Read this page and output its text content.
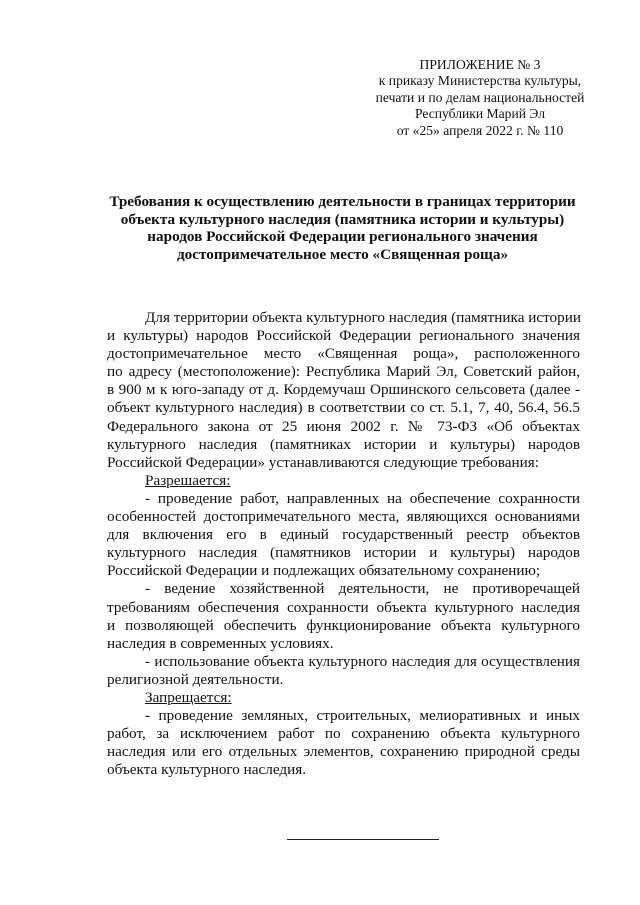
ПРИЛОЖЕНИЕ № 3
к приказу Министерства культуры,
печати и по делам национальностей
Республики Марий Эл
от «25» апреля 2022 г. № 110
Требования к осуществлению деятельности в границах территории
объекта культурного наследия (памятника истории и культуры)
народов Российской Федерации регионального значения
достопримечательное место «Священная роща»
Для территории объекта культурного наследия (памятника истории
и культуры) народов Российской Федерации регионального значения
достопримечательное место «Священная роща», расположенного
по адресу (местоположение): Республика Марий Эл, Советский район,
в 900 м к юго-западу от д. Кордемучаш Оршинского сельсовета (далее -
объект культурного наследия) в соответствии со ст. 5.1, 7, 40, 56.4, 56.5
Федерального закона от 25 июня 2002 г. № 73-ФЗ «Об объектах
культурного наследия (памятниках истории и культуры) народов
Российской Федерации» устанавливаются следующие требования:
Разрешается:
- проведение работ, направленных на обеспечение сохранности
особенностей достопримечательного места, являющихся основаниями
для включения его в единый государственный реестр объектов
культурного наследия (памятников истории и культуры) народов
Российской Федерации и подлежащих обязательному сохранению;
- ведение хозяйственной деятельности, не противоречащей
требованиям обеспечения сохранности объекта культурного наследия
и позволяющей обеспечить функционирование объекта культурного
наследия в современных условиях.
- использование объекта культурного наследия для осуществления
религиозной деятельности.
Запрещается:
- проведение земляных, строительных, мелиоративных и иных
работ, за исключением работ по сохранению объекта культурного
наследия или его отдельных элементов, сохранению природной среды
объекта культурного наследия.
